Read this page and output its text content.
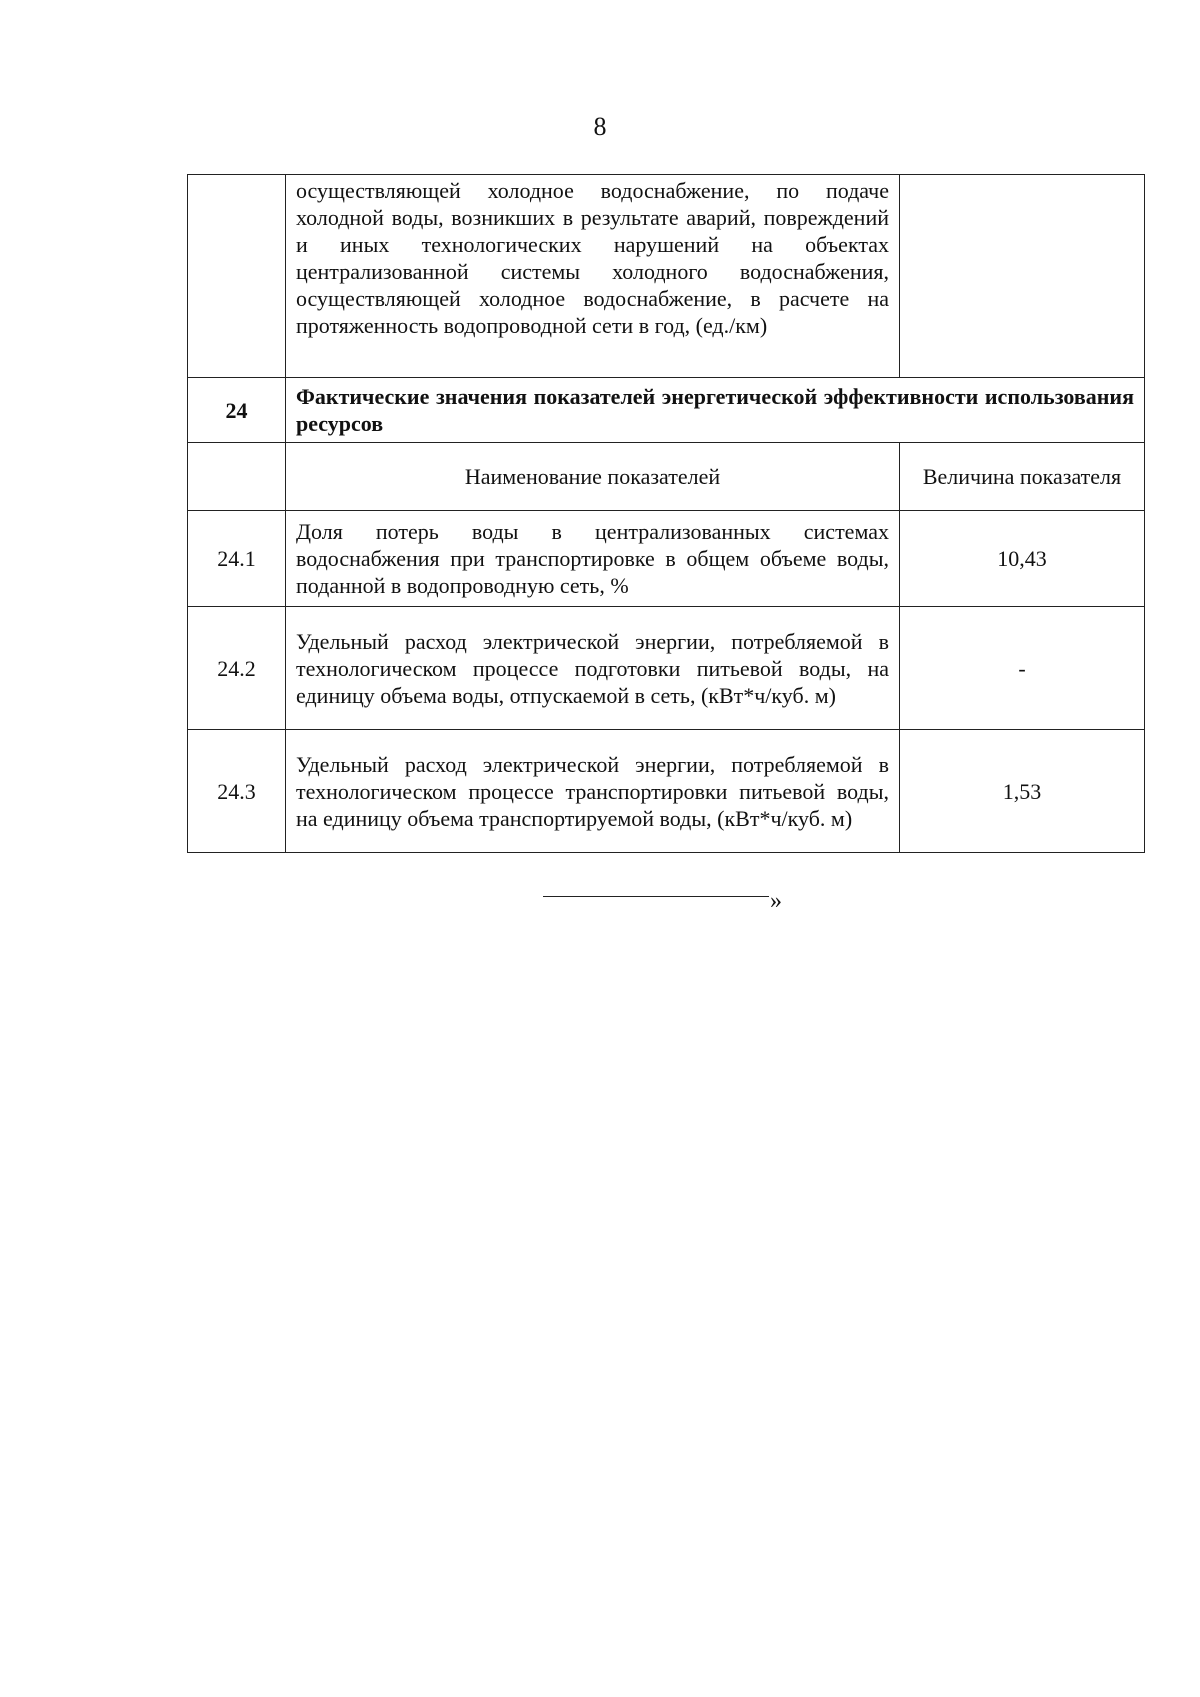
8
	осуществляющей холодное водоснабжение, по подаче холодной воды, возникших в результате аварий, повреждений и иных технологических нарушений на объектах централизованной системы холодного водоснабжения, осуществляющей холодное водоснабжение, в расчете на протяженность водопроводной сети в год, (ед./км)	
24	Фактические значения показателей энергетической эффективности использования ресурсов	
	Наименование показателей	Величина показателя
24.1	Доля потерь воды в централизованных системах водоснабжения при транспортировке в общем объеме воды, поданной в водопроводную сеть, %	10,43
24.2	Удельный расход электрической энергии, потребляемой в технологическом процессе подготовки питьевой воды, на единицу объема воды, отпускаемой в сеть, (кВт*ч/куб. м)	-
24.3	Удельный расход электрической энергии, потребляемой в технологическом процессе транспортировки питьевой воды, на единицу объема транспортируемой воды, (кВт*ч/куб. м)	1,53
»
